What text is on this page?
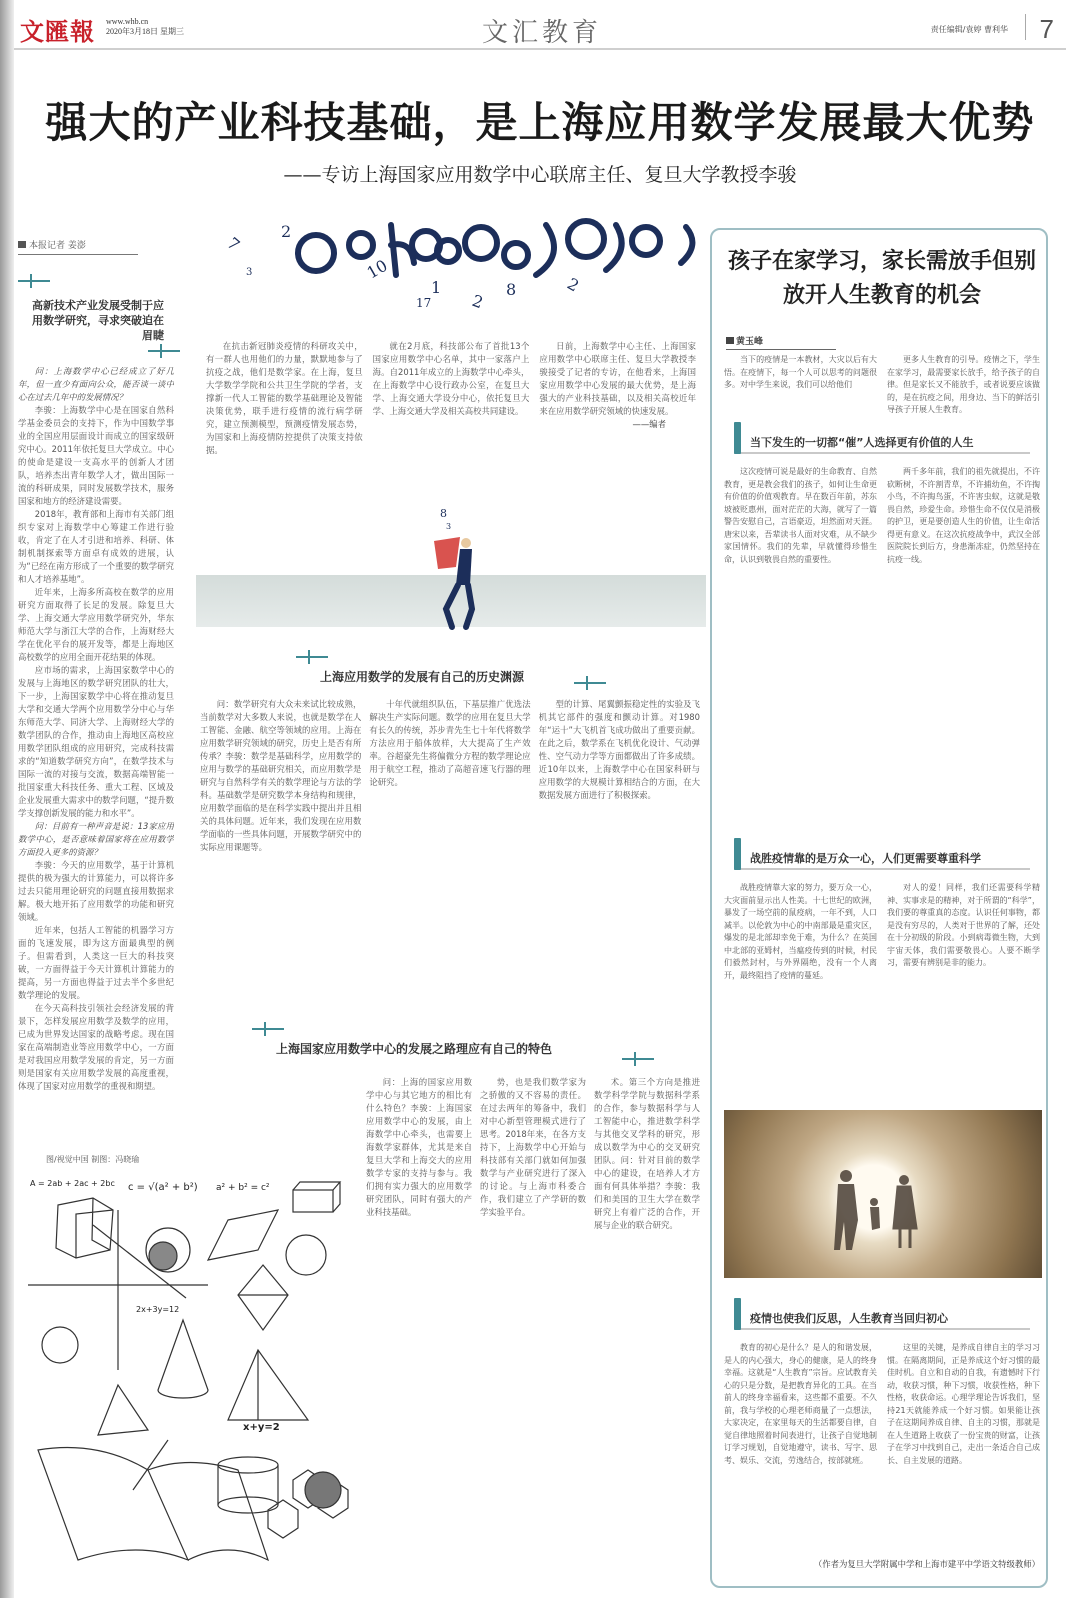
文匯報 www.whb.cn
2020年3月18日 星期三	文汇教育	责任编辑/袁婷 曹利华 7
强大的产业科技基础，是上海应用数学发展最大优势
——专访上海国家应用数学中心联席主任、复旦大学教授李骏
本报记者 姜澎
高新技术产业发展受制于应用数学研究，寻求突破迫在眉睫

问：上海数学中心已经成立了好几年，但一直少有面向公众，能否谈一谈中心在过去几年中的发展情况？

李骏：上海数学中心是在国家自然科学基金委员会的支持下，作为中国数学事业的全国应用层面设计而成立的国家级研究中心。2011年依托复旦大学成立。中心的使命是建设一支高水平的创新人才团队，培养杰出青年数学人才，做出国际一流的科研成果，同时发展数学技术，服务国家和地方的经济建设需要。

2018年，教育部和上海市有关部门组织专家对上海数学中心筹建工作进行验收，肯定了在人才引进和培养、科研、体制机制探索等方面卓有成效的进展，认为“已经在南方形成了一个重要的数学研究和人才培养基地”。

近年来，上海多所高校在数学的应用研究方面取得了长足的发展。除复旦大学、上海交通大学应用数学研究外，华东师范大学与浙江大学的合作，上海财经大学在优化平台的展开发等，都是上海地区高校数学的应用全面开花结果的体现。

应市场的需求，上海国家数学中心的发展与上海地区的数学研究团队的壮大，下一步，上海国家数学中心将在推动复旦大学和交通大学两个应用数学分中心与华东师范大学、同济大学、上海财经大学的数学团队的合作，推动由上海地区高校应用数学团队组成的应用研究，完成科技需求的“知道数学研究方向”，在数学技术与国际一流的对接与交流，数据高端智能一批国家重大科技任务、重大工程、区域及企业发展重大需求中的数学问题，“提升数学支撑创新发展的能力和水平”。

问：目前有一种声音是说：13家应用数学中心，是否意味着国家将在应用数学方面投入更多的资源？

李骏：今天的应用数学，基于计算机提供的极为强大的计算能力，可以将许多过去只能用理论研究的问题直接用数据求解。极大地开拓了应用数学的功能和研究领域。

近年来，包括人工智能的机器学习方面的飞速发展，即为这方面最典型的例子。但需看到，人类这一巨大的科技突破，一方面得益于今天计算机计算能力的提高，另一方面也得益于过去半个多世纪数学理论的发展。

在今天高科技引领社会经济发展的背景下，怎样发展应用数学及数学的应用，已成为世界发达国家的战略考虑。现在国家在高端制造业等应用数学中心，一方面是对我国应用数学发展的肯定，另一方面则是国家有关应用数学发展的高度重视，体现了国家对应用数学的重视和期望。

7
2
10
1
2
8
3
17
2

在抗击新冠肺炎疫情的科研攻关中，有一群人也用他们的力量，默默地参与了抗疫之战，他们是数学家。在上海，复旦大学数学学院和公共卫生学院的学者，支撑新一代人工智能的数学基础理论及智能决策优势，联手进行疫情的流行病学研究，建立预测模型，预测疫情发展态势，为国家和上海疫情防控提供了决策支持依据。

就在2月底，科技部公布了首批13个国家应用数学中心名单，其中一家落户上海。自2011年成立的上海数学中心牵头，在上海数学中心设行政办公室，在复旦大学、上海交通大学设分中心，依托复旦大学、上海交通大学及相关高校共同建设。

日前，上海数学中心主任、上海国家应用数学中心联席主任、复旦大学教授李骏接受了记者的专访，在他看来，上海国家应用数学中心发展的最大优势，是上海强大的产业科技基础，以及相关高校近年来在应用数学研究领域的快速发展。

——编者
8
3
上海应用数学的发展有自己的历史渊源

问：数学研究有大众未来试比较成熟，当前数学对大多数人来说，也就是数学在人工智能、金融、航空等领域的应用。上海在应用数学研究领域的研究，历史上是否有所传承？李骏：数学是基础科学，应用数学的应用与数学的基础研究相关，而应用数学是研究与自然科学有关的数学理论与方法的学科。基础数学是研究数学本身结构和规律，应用数学面临的是在科学实践中提出并且相关的具体问题。近年来，我们发现在应用数学面临的一些具体问题，开展数学研究中的实际应用课题等。

十年代就组织队伍，下基层推广优选法解决生产实际问题。数学的应用在复旦大学有长久的传统，苏步青先生七十年代将数学方法应用于船体放样，大大提高了生产效率。谷超豪先生将偏微分方程的数学理论应用于航空工程，推动了高超音速飞行器的理论研究。

型的计算、尾翼颤振稳定性的实验及飞机其它部件的强度和颤动计算。对1980年“运十”大飞机首飞成功做出了重要贡献。在此之后，数学系在飞机优化设计、气动弹性、空气动力学等方面都做出了许多成绩。近10年以来，上海数学中心在国家科研与应用数学的大规模计算相结合的方面，在大数据发展方面进行了积极探索。

上海国家应用数学中心的发展之路理应有自己的特色

问：上海的国家应用数学中心与其它地方的相比有什么特色？李骏：上海国家应用数学中心的发展，由上海数学中心牵头，也需要上海数学家群体，尤其是来自复旦大学和上海交大的应用数学专家的支持与参与。我们拥有实力强大的应用数学研究团队，同时有强大的产业科技基础。

势，也是我们数学家为之骄傲的又不容易的责任。在过去两年的筹备中，我们对中心新型管理模式进行了思考。2018年来，在各方支持下，上海数学中心开始与科技部有关部门就如何加强数学与产业研究进行了深入的讨论。与上海市科委合作，我们建立了产学研的数学实验平台。

术。第三个方向是推进数学科学学院与数据科学系的合作，参与数据科学与人工智能中心，推进数学科学与其他交叉学科的研究，形成以数学为中心的交叉研究团队。问：针对目前的数学中心的建设，在培养人才方面有何具体举措？李骏：我们和美国的卫生大学在数学研究上有着广泛的合作，开展与企业的联合研究。

图/视觉中国 制图：冯晓瑜
A = 2ab + 2ac + 2bc c = √(a² + b²) a² + b² = c²
2x+3y=12
x+y=2
孩子在家学习，家长需放手但别放开人生教育的机会
黄玉峰

当下的疫情是一本教材，大灾以后有大悟。在疫情下，每一个人可以思考的问题很多。对中学生来说，我们可以给他们

更多人生教育的引导。疫情之下，学生在家学习，最需要家长放手，给予孩子的自律。但是家长又不能放手，或者说要应该做的，是在抗疫之间，用身边、当下的鲜活引导孩子开展人生教育。

当下发生的一切都“催”人选择更有价值的人生

这次疫情可说是最好的生命教育、自然教育，更是教会我们的孩子，如何让生命更有价值的价值观教育。早在数百年前，苏东坡被贬惠州，面对茫茫的大海，就写了一篇警告安慰自己，言语豪迈，坦然面对天涯。唐宋以来，吾辈读书人面对灾难，从不缺少家国情怀。我们的先辈，早就懂得珍惜生命，认识到敬畏自然的重要性。

两千多年前，我们的祖先就提出，不许砍断树，不许割青草，不许捕幼鱼，不许掏小鸟，不许掏鸟蛋，不许害虫蚁，这就是敬畏自然，珍爱生命。珍惜生命不仅仅是消极的护卫，更是要创造人生的价值，让生命活得更有意义。在这次抗疫战争中，武汉全部医院院长到后方，身患渐冻症，仍然坚持在抗疫一线。

战胜疫情靠的是万众一心，人们更需要尊重科学

战胜疫情靠大家的努力，要万众一心，大灾面前显示出人性美。十七世纪的欧洲，暴发了一场空前的鼠疫病，一年不到，人口减半。以伦敦为中心的中南部最是重灾区，爆发的是北部却幸免于难，为什么？在英国中北部的亚姆村，当瘟疫传到的时候，村民们毅然封村，与外界隔绝，没有一个人离开，最终阻挡了疫情的蔓延。

对人的爱！同样，我们还需要科学精神、实事求是的精神，对于所谓的“科学”，我们要的尊重真的态度。认识任何事物，都是没有穷尽的，人类对于世界的了解，还处在十分初级的阶段。小到病毒微生物，大到宇宙天体，我们需要敬畏心。人要不断学习，需要有辨别是非的能力。

疫情也使我们反思，人生教育当回归初心

教育的初心是什么？是人的和谐发展，是人的内心强大，身心的健康，是人的终身幸福。这就是“人生教育”宗旨。应试教育关心的只是分数，是把教育异化的工具。在当前人的终身幸福看来，这些都不重要。不久前，我与学校的心理老师商量了一点想法，大家决定，在家里每天的生活都要自律，自觉自律地照着时间表进行，让孩子自觉地制订学习规划，自觉地遵守，读书、写字、思考、娱乐、交流，劳逸结合，按部就班。

这里的关键，是养成自律自主的学习习惯。在隔离期间，正是养成这个好习惯的最佳时机。自立和自动的自我，有遗憾时下行动，收获习惯，种下习惯，收获性格，种下性格，收获命运。心理学理论告诉我们，坚持21天就能养成一个好习惯。如果能让孩子在这期间养成自律、自主的习惯，那就是在人生道路上收获了一份宝贵的财富，让孩子在学习中找到自己，走出一条适合自己成长、自主发展的道路。

（作者为复旦大学附属中学和上海市建平中学语文特级教师）
